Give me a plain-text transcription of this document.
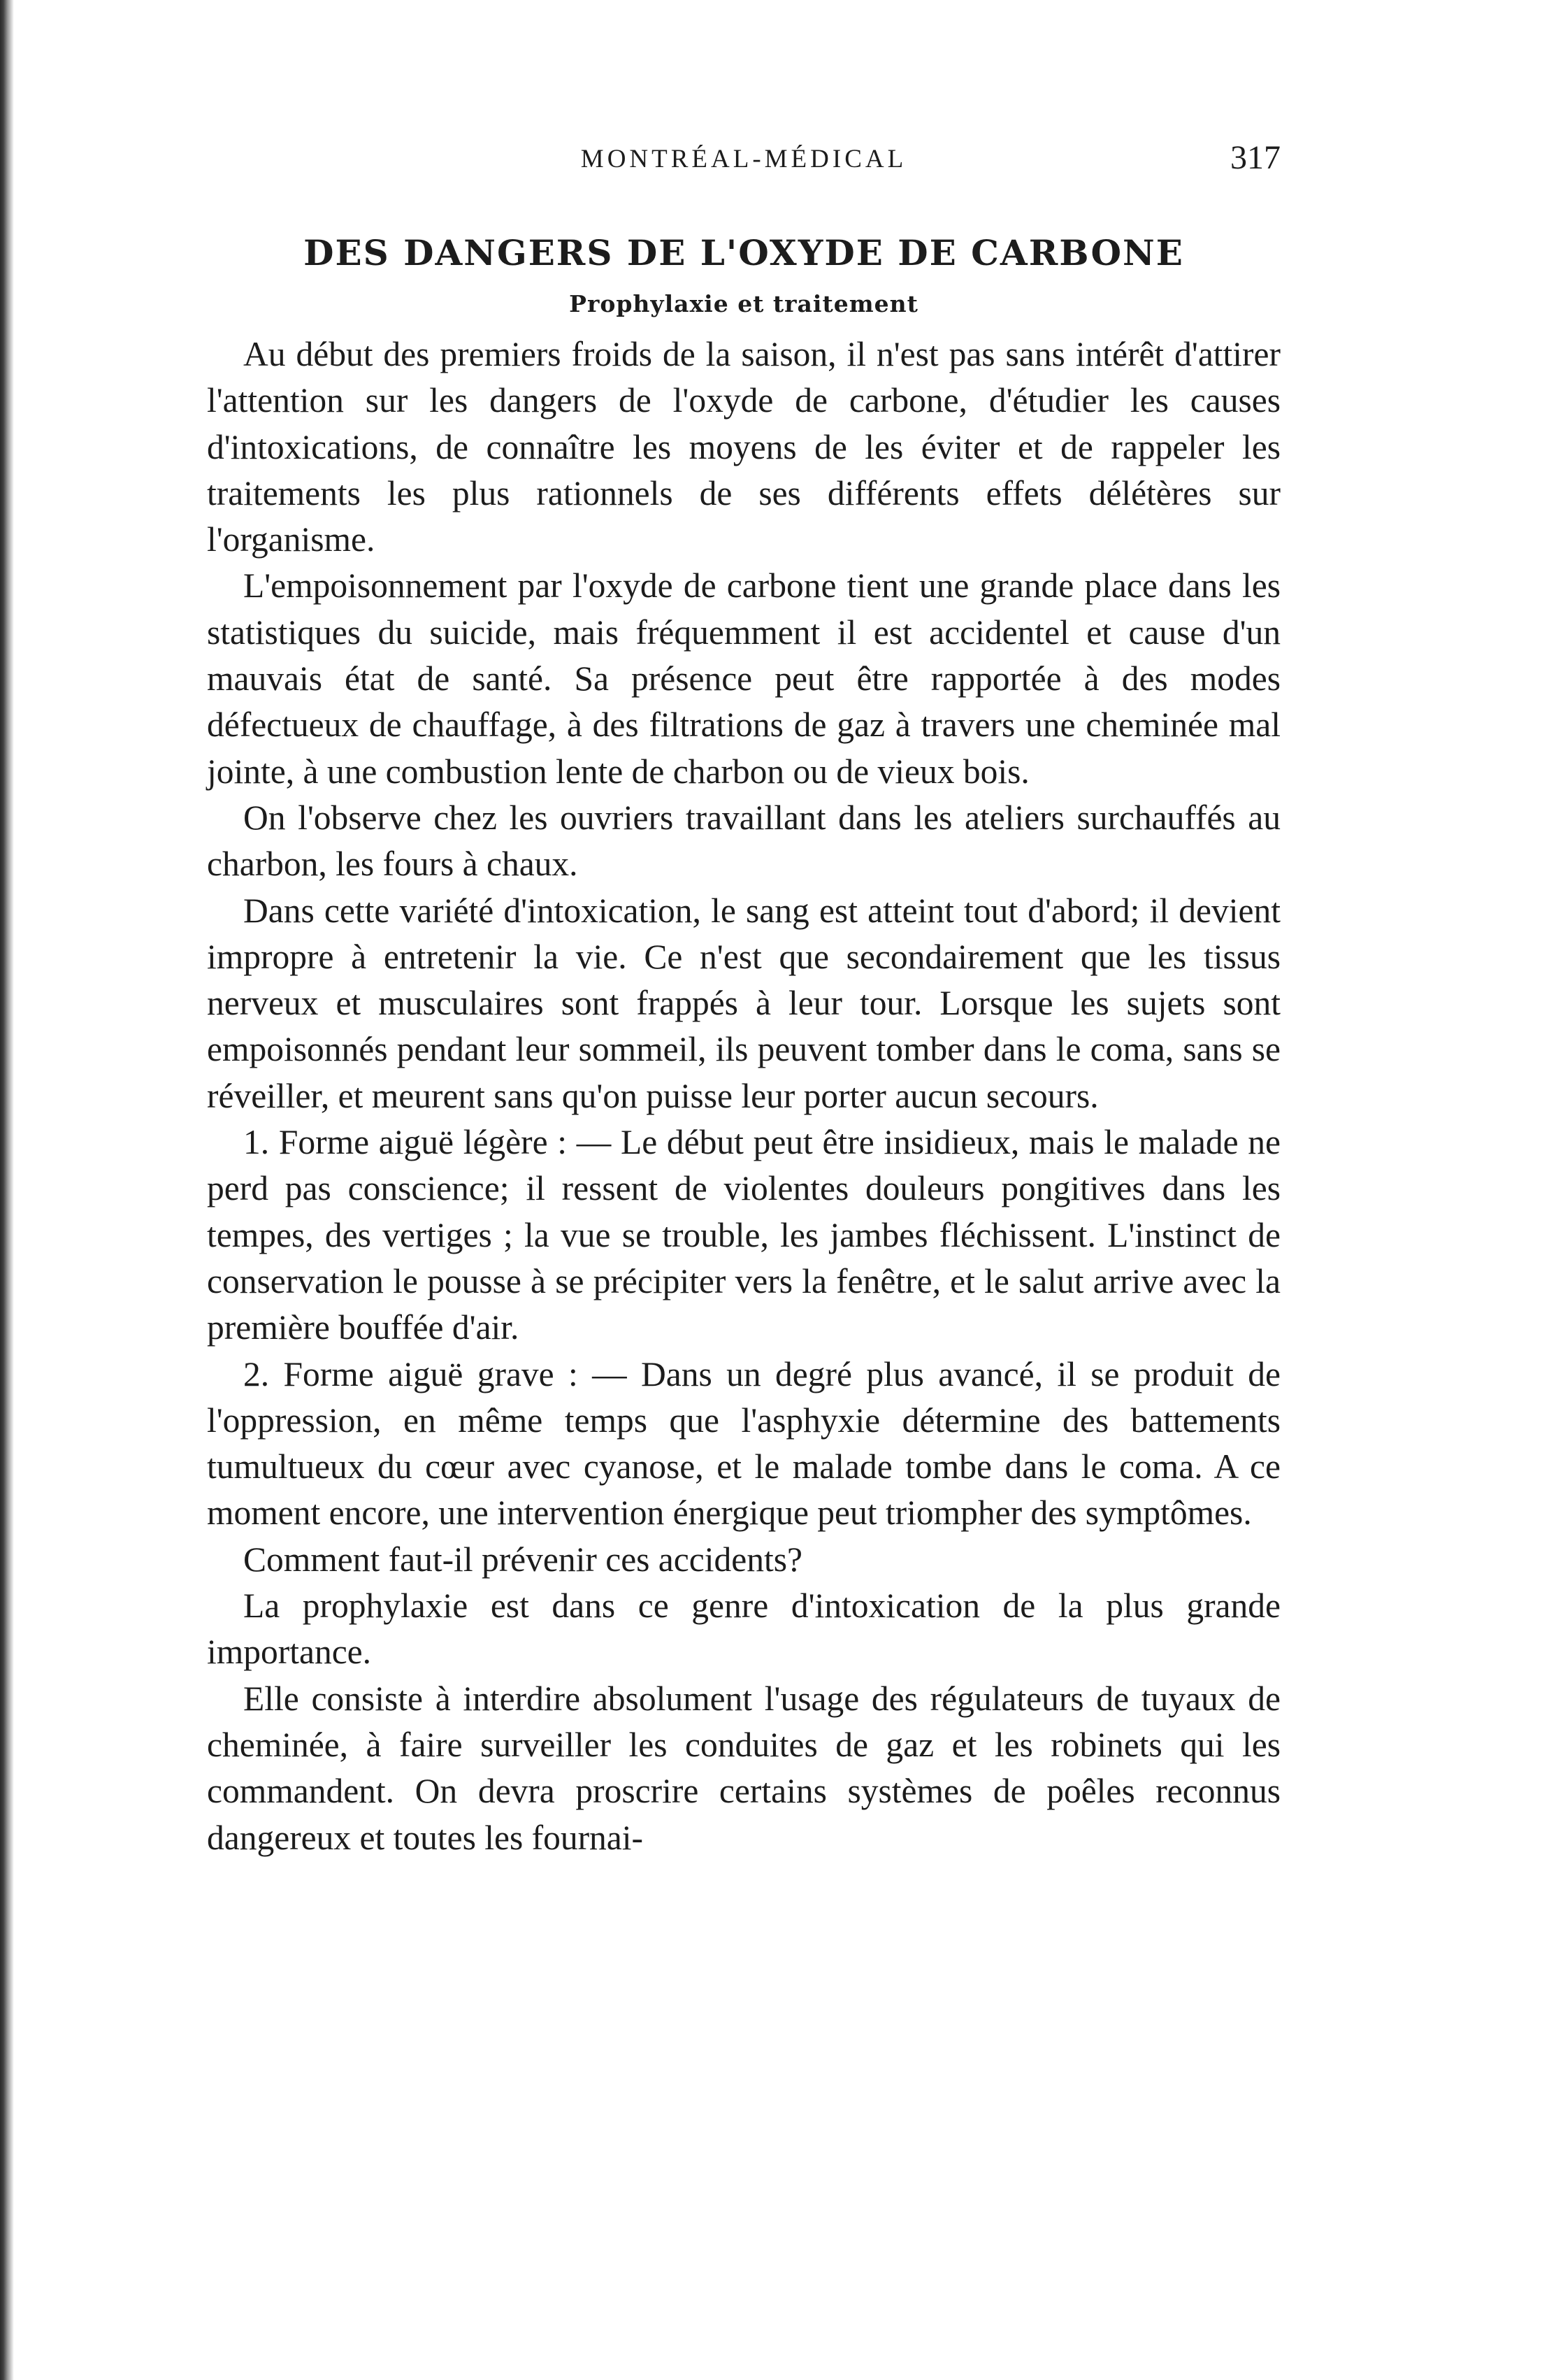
MONTRÉAL-MÉDICAL	317
DES DANGERS DE L'OXYDE DE CARBONE
Prophylaxie et traitement

Au début des premiers froids de la saison, il n'est pas sans intérêt d'attirer l'attention sur les dangers de l'oxyde de carbone, d'étudier les causes d'intoxications, de connaître les moyens de les éviter et de rappeler les traitements les plus rationnels de ses différents effets délétères sur l'organisme.

L'empoisonnement par l'oxyde de carbone tient une grande place dans les statistiques du suicide, mais fréquemment il est accidentel et cause d'un mauvais état de santé. Sa présence peut être rapportée à des modes défectueux de chauffage, à des filtrations de gaz à travers une cheminée mal jointe, à une combustion lente de charbon ou de vieux bois.

On l'observe chez les ouvriers travaillant dans les ateliers surchauffés au charbon, les fours à chaux.

Dans cette variété d'intoxication, le sang est atteint tout d'abord; il devient impropre à entretenir la vie. Ce n'est que secondairement que les tissus nerveux et musculaires sont frappés à leur tour. Lorsque les sujets sont empoisonnés pendant leur sommeil, ils peuvent tomber dans le coma, sans se réveiller, et meurent sans qu'on puisse leur porter aucun secours.

1. Forme aiguë légère : — Le début peut être insidieux, mais le malade ne perd pas conscience; il ressent de violentes douleurs pongitives dans les tempes, des vertiges ; la vue se trouble, les jambes fléchissent. L'instinct de conservation le pousse à se précipiter vers la fenêtre, et le salut arrive avec la première bouffée d'air.

2. Forme aiguë grave : — Dans un degré plus avancé, il se produit de l'oppression, en même temps que l'asphyxie détermine des battements tumultueux du cœur avec cyanose, et le malade tombe dans le coma. A ce moment encore, une intervention énergique peut triompher des symptômes.

Comment faut-il prévenir ces accidents?

La prophylaxie est dans ce genre d'intoxication de la plus grande importance.

Elle consiste à interdire absolument l'usage des régulateurs de tuyaux de cheminée, à faire surveiller les conduites de gaz et les robinets qui les commandent. On devra proscrire certains systèmes de poêles reconnus dangereux et toutes les fournai-
